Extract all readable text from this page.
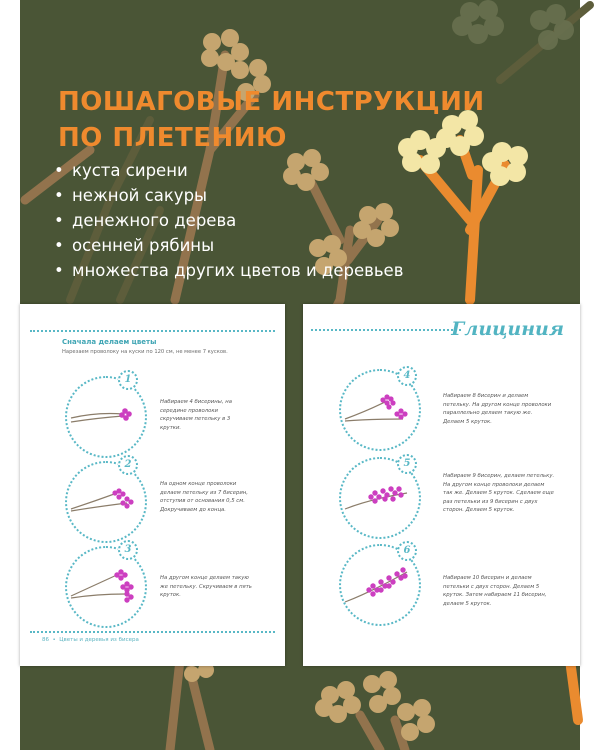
ПОШАГОВЫЕ ИНСТРУКЦИИ
ПО ПЛЕТЕНИЮ
• куста сирени
• нежной сакуры
• денежного дерева
• осенней рябины
• множества других цветов и деревьев

Сначала делаем цветы

Нарезаем проволоку на куски по 120 см, не менее 7 кусков.

1

Набираем 4 бисерины, на середине проволоки скручиваем петельку в 3 крутки.

2

На одном конце проволоки делаем петельку из 7 бисерин, отступив от основания 0,5 см. Докручиваем до конца.

3

На другом конце делаем такую же петельку. Скручиваем в пять круток.

86  •  Цветы и деревья из бисера

Глициния
4

Набираем 8 бисерин и делаем петельку. На другом конце проволоки параллельно делаем такую же. Делаем 5 круток.

5

Набираем 9 бисерин, делаем петельку. На другом конце проволоки делаем так же. Делаем 5 круток. Сделаем еще раз петельки из 9 бисерин с двух сторон. Делаем 5 круток.

6

Набираем 10 бисерин и делаем петельки с двух сторон. Делаем 5 круток. Затем набираем 11 бисерин, делаем 5 круток.
